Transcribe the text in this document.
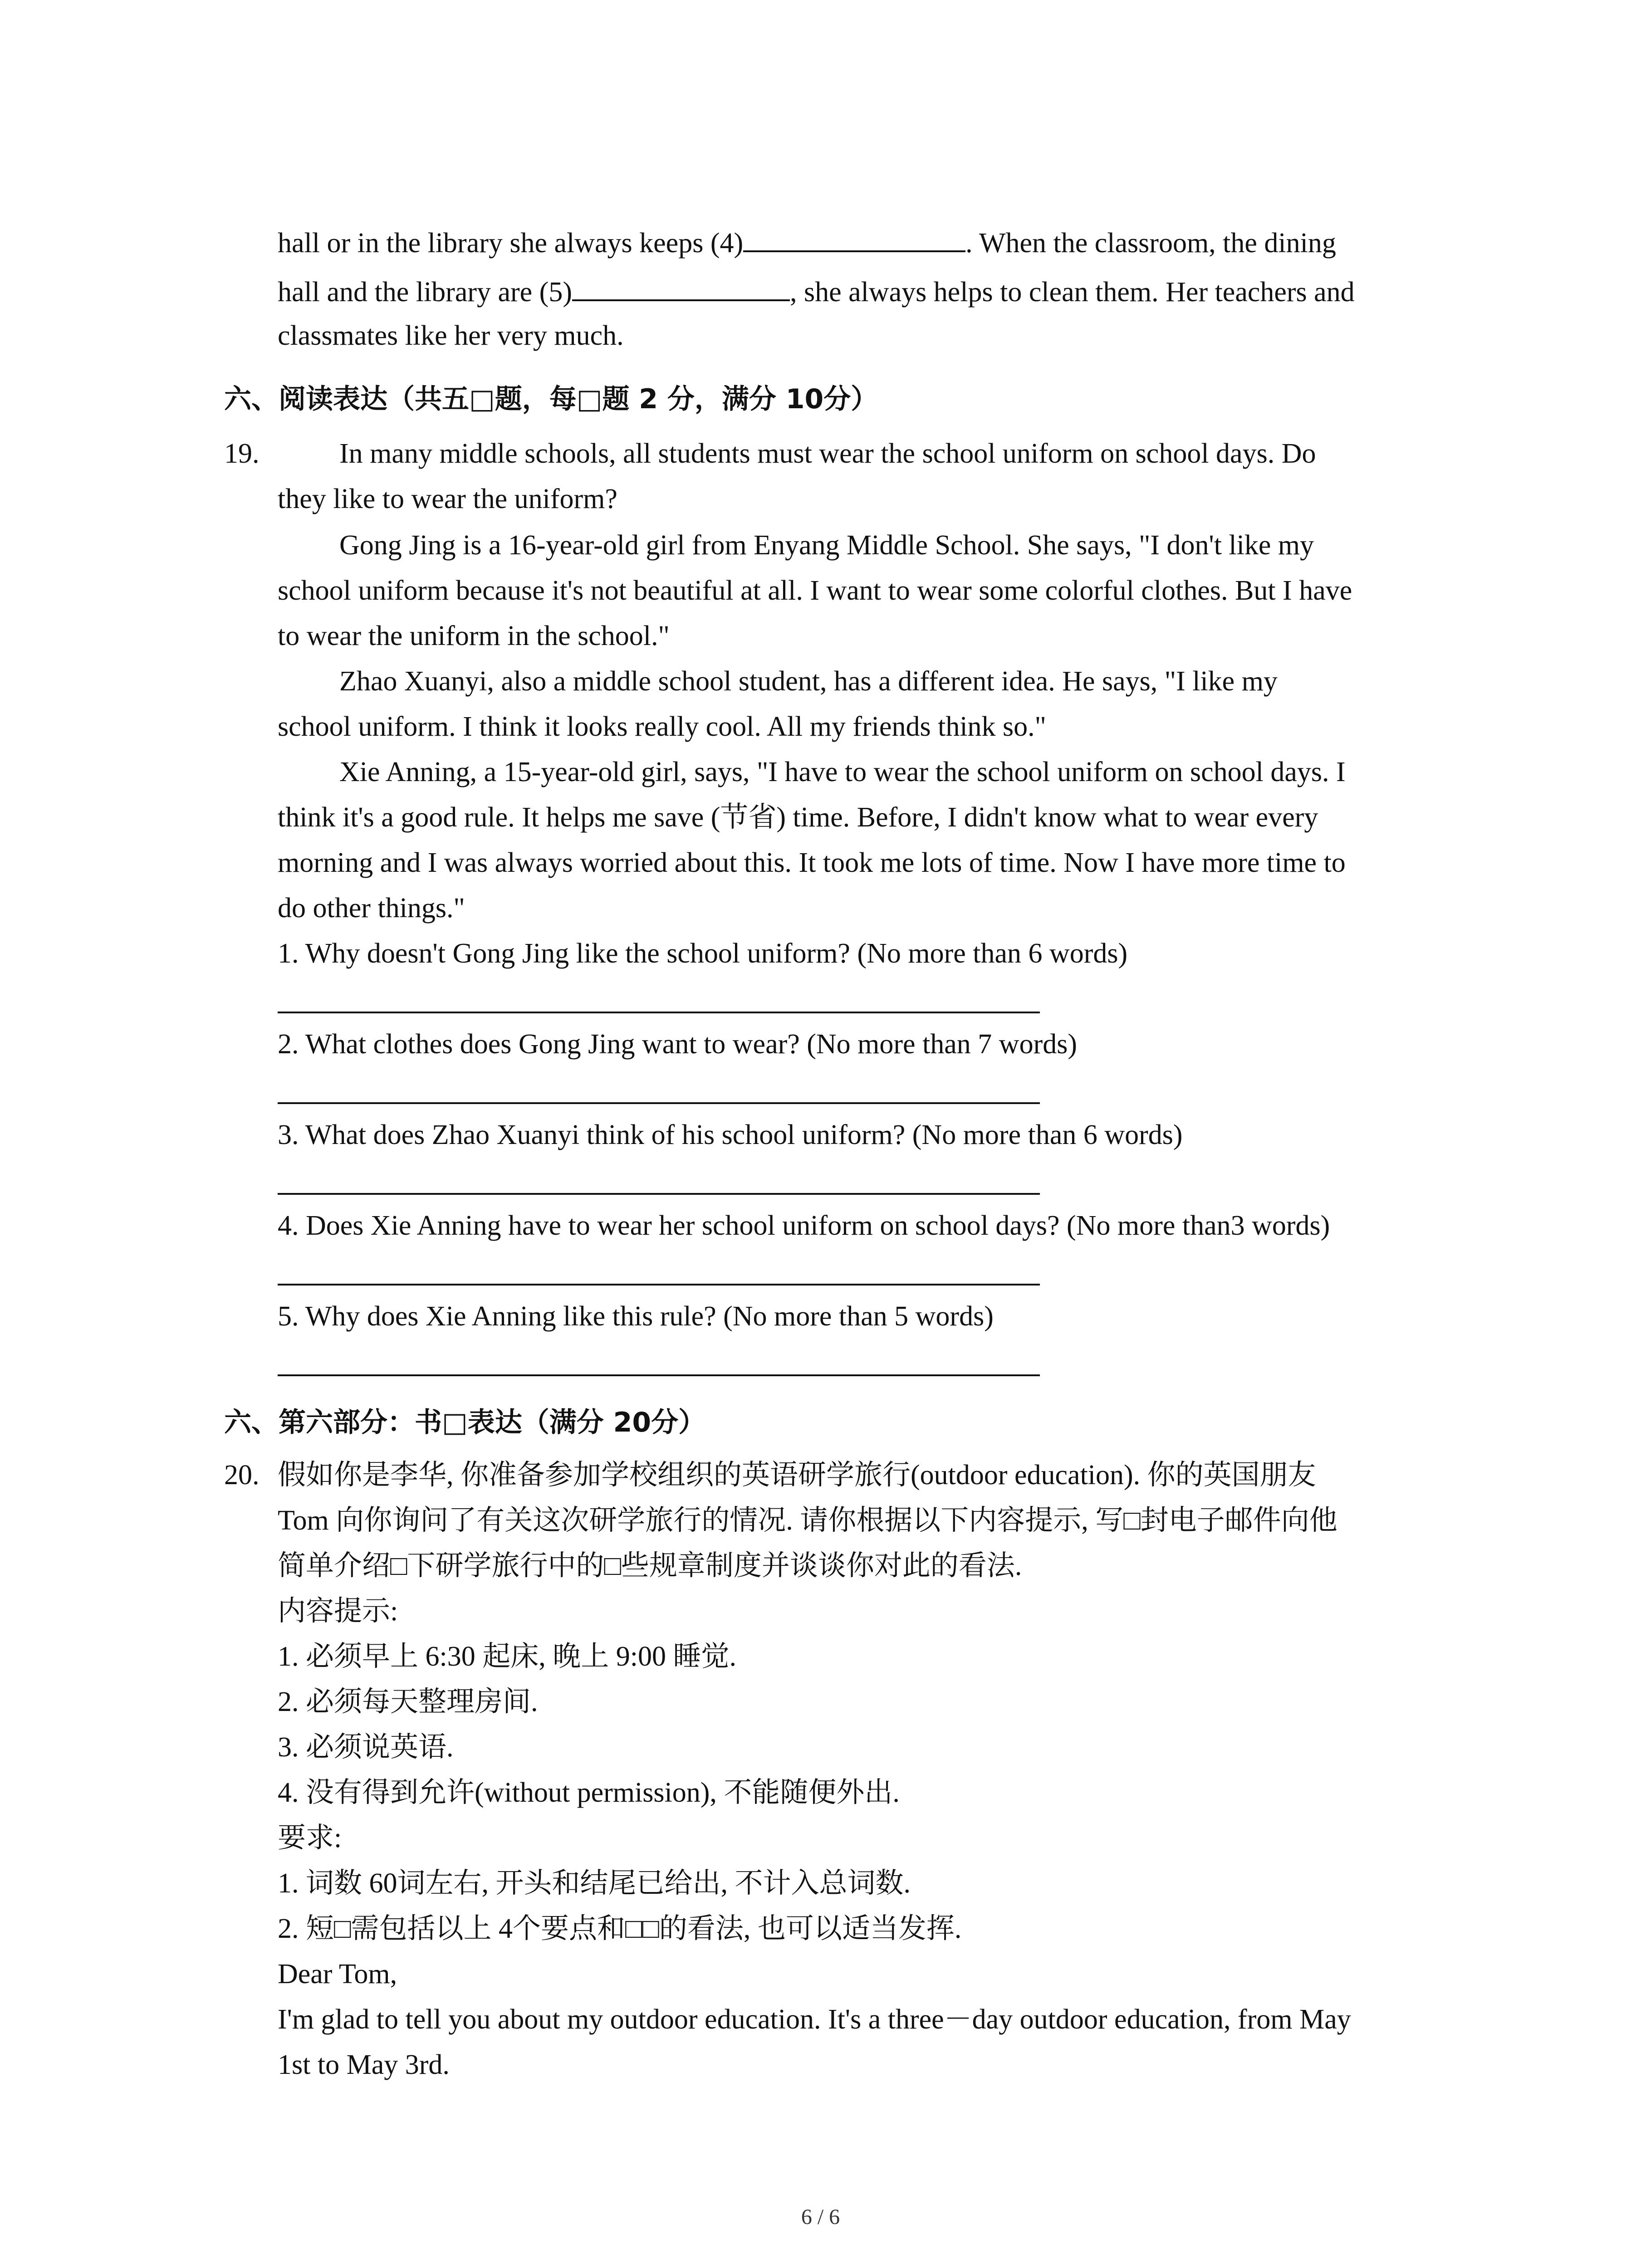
hall or in the library she always keeps (4)	. When the classroom, the dining
hall and the library are (5)	, she always helps to clean them. Her teachers and
classmates like her very much.
六、阅读表达（共五□题，每□题 2 分，满分 10分）
19.	In many middle schools, all students must wear the school uniform on school days. Do
they like to wear the uniform?
Gong Jing is a 16-year-old girl from Enyang Middle School. She says, "I don't like my
school uniform because it's not beautiful at all. I want to wear some colorful clothes. But I have
to wear the uniform in the school."
Zhao Xuanyi, also a middle school student, has a different idea. He says, "I like my
school uniform. I think it looks really cool. All my friends think so."
Xie Anning, a 15-year-old girl, says, "I have to wear the school uniform on school days. I
think it's a good rule. It helps me save (节省) time. Before, I didn't know what to wear every
morning and I was always worried about this. It took me lots of time. Now I have more time to
do other things."
1. Why doesn't Gong Jing like the school uniform? (No more than 6 words)
2. What clothes does Gong Jing want to wear? (No more than 7 words)
3. What does Zhao Xuanyi think of his school uniform? (No more than 6 words)
4. Does Xie Anning have to wear her school uniform on school days? (No more than3 words)
5. Why does Xie Anning like this rule? (No more than 5 words)
六、第六部分：书□表达（满分 20分）
20. 假如你是李华, 你准备参加学校组织的英语研学旅行(outdoor education). 你的英国朋友
Tom 向你询问了有关这次研学旅行的情况. 请你根据以下内容提示, 写□封电子邮件向他
简单介绍□下研学旅行中的□些规章制度并谈谈你对此的看法.
内容提示:
1. 必须早上 6:30 起床, 晚上 9:00 睡觉.
2. 必须每天整理房间.
3. 必须说英语.
4. 没有得到允许(without permission), 不能随便外出.
要求:
1. 词数 60词左右, 开头和结尾已给出, 不计入总词数.
2. 短□需包括以上 4个要点和□□的看法, 也可以适当发挥.
Dear Tom,
I'm glad to tell you about my outdoor education. It's a three－day outdoor education, from May
1st to May 3rd.
6 / 6
